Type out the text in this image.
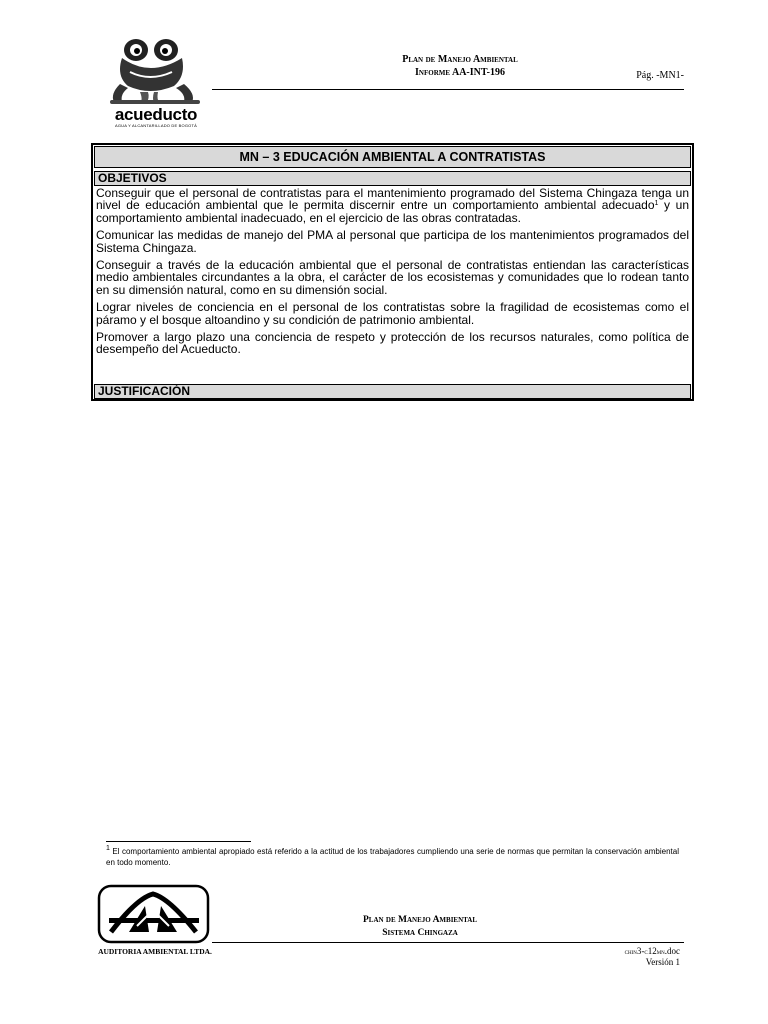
acueducto
AGUA Y ALCANTARILLADO DE BOGOTÁ
Plan de Manejo Ambiental
Informe AA-INT-196	Pág. -MN1-
MN – 3 EDUCACIÓN AMBIENTAL A CONTRATISTAS
OBJETIVOS

Conseguir que el personal de contratistas para el mantenimiento programado del Sistema Chingaza tenga un nivel de educación ambiental que le permita discernir entre un comportamiento ambiental adecuado$^1$ y un comportamiento ambiental inadecuado, en el ejercicio de las obras contratadas.

Comunicar las medidas de manejo del PMA al personal que participa de los mantenimientos programados del Sistema Chingaza.

Conseguir a través de la educación ambiental que el personal de contratistas entiendan las características medio ambientales circundantes a la obra, el carácter de los ecosistemas y comunidades que lo rodean tanto en su dimensión natural, como en su dimensión social.

Lograr niveles de conciencia en el personal de los contratistas sobre la fragilidad de ecosistemas como el páramo y el bosque altoandino y su condición de patrimonio ambiental.

Promover a largo plazo una conciencia de respeto y protección de los recursos naturales, como política de desempeño del Acueducto.

JUSTIFICACIÓN
$^1$ El comportamiento ambiental apropiado está referido a la actitud de los trabajadores cumpliendo una serie de normas que permitan la conservación ambiental en todo momento.
AUDITORIA AMBIENTAL LTDA.
Plan de Manejo Ambiental
Sistema Chingaza
chin3-c12mn.doc
Versión 1
